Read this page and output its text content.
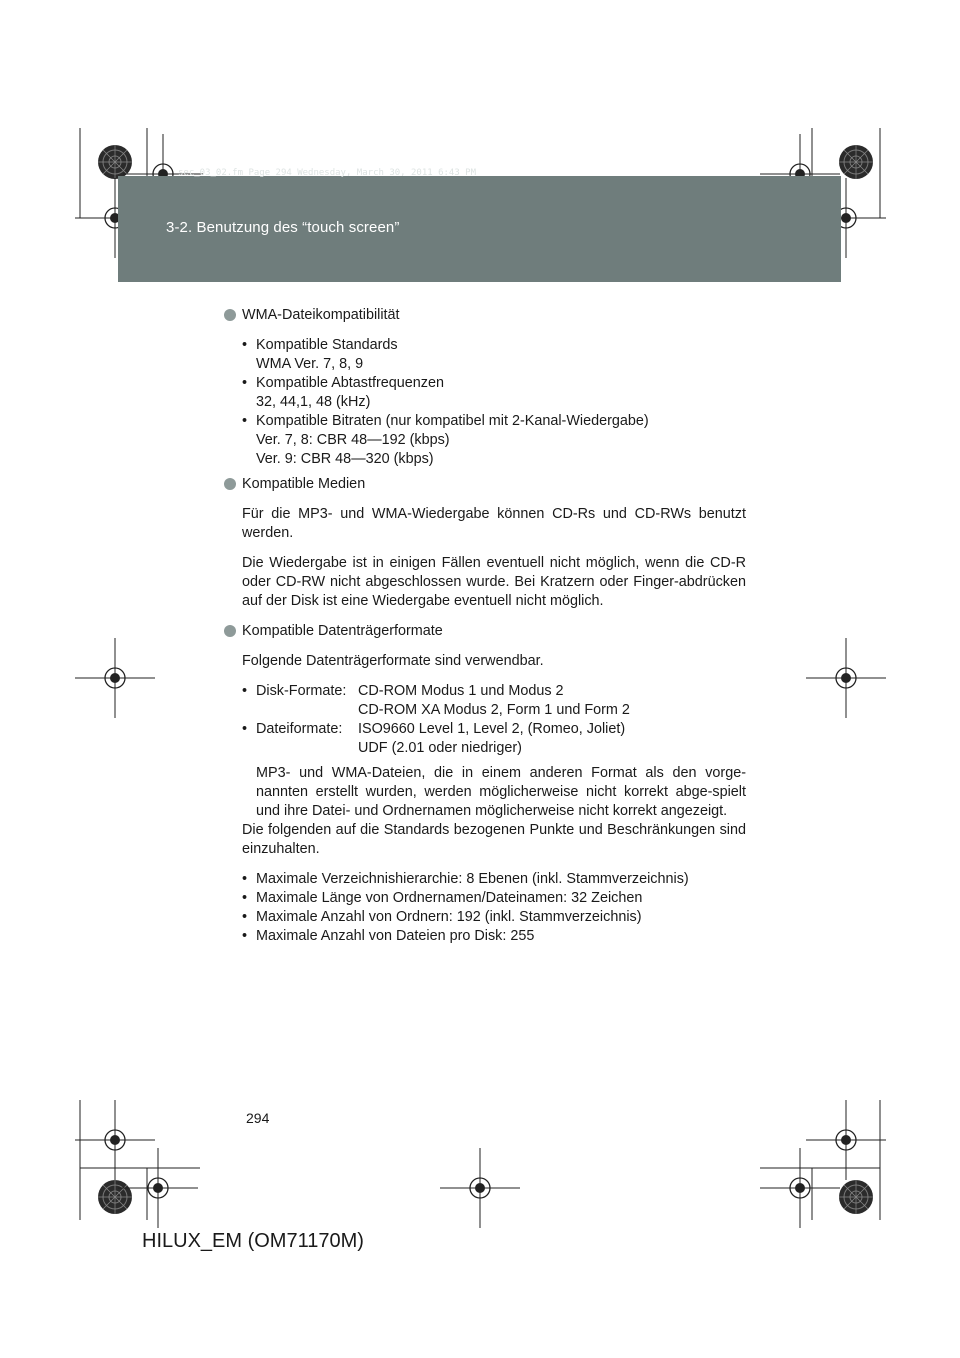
3-2. Benutzung des “touch screen”
sec_03_02.fm Page 294 Wednesday, March 30, 2011 6:43 PM
WMA-Dateikompatibilität
• Kompatible Standards
WMA Ver. 7, 8, 9
• Kompatible Abtastfrequenzen
32, 44,1, 48 (kHz)
• Kompatible Bitraten (nur kompatibel mit 2-Kanal-Wiedergabe)
Ver. 7, 8: CBR 48—192 (kbps)
Ver. 9: CBR 48—320 (kbps)
Kompatible Medien
Für die MP3- und WMA-Wiedergabe können CD-Rs und CD-RWs benutzt werden.
Die Wiedergabe ist in einigen Fällen eventuell nicht möglich, wenn die CD-R oder CD-RW nicht abgeschlossen wurde. Bei Kratzern oder Finger-abdrücken auf der Disk ist eine Wiedergabe eventuell nicht möglich.
Kompatible Datenträgerformate
Folgende Datenträgerformate sind verwendbar.
• Disk-Formate: CD-ROM Modus 1 und Modus 2
CD-ROM XA Modus 2, Form 1 und Form 2
• Dateiformate:	ISO9660 Level 1, Level 2, (Romeo, Joliet)
UDF (2.01 oder niedriger)
MP3- und WMA-Dateien, die in einem anderen Format als den vorge-nannten erstellt wurden, werden möglicherweise nicht korrekt abge-spielt und ihre Datei- und Ordnernamen möglicherweise nicht korrekt angezeigt.
Die folgenden auf die Standards bezogenen Punkte und Beschränkungen sind einzuhalten.
• Maximale Verzeichnishierarchie: 8 Ebenen (inkl. Stammverzeichnis)
• Maximale Länge von Ordnernamen/Dateinamen: 32 Zeichen
• Maximale Anzahl von Ordnern: 192 (inkl. Stammverzeichnis)
• Maximale Anzahl von Dateien pro Disk: 255
294
HILUX_EM (OM71170M)
